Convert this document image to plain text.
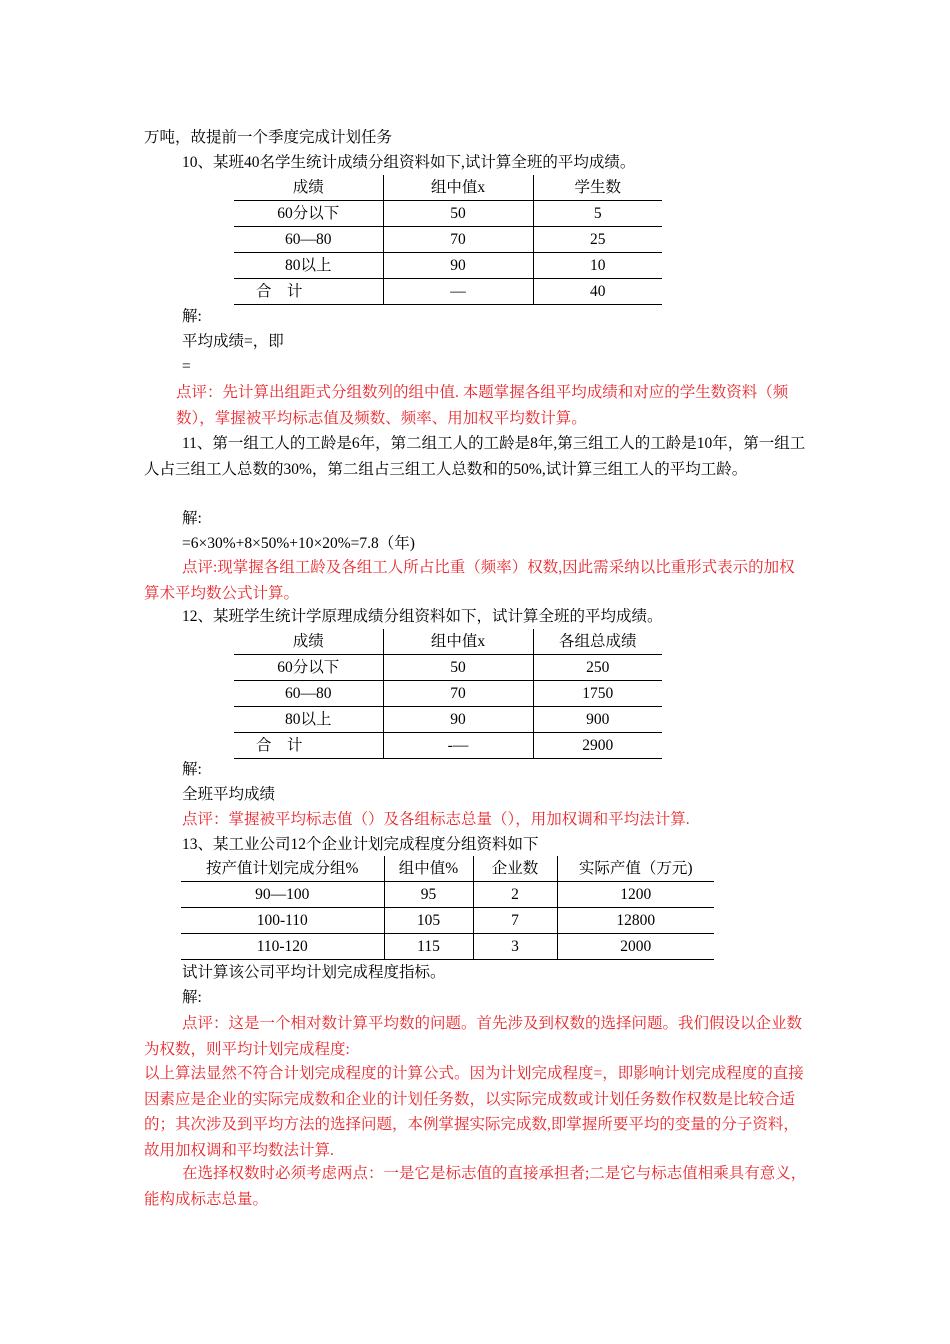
万吨，故提前一个季度完成计划任务

10、某班40名学生统计成绩分组资料如下,试计算全班的平均成绩。

成绩	组中值x	学生数
60分以下	50	5
60—80	70	25
80以上	90	10
合　计	—	40

解:

平均成绩=，即

=

点评：先计算出组距式分组数列的组中值. 本题掌握各组平均成绩和对应的学生数资料（频数），掌握被平均标志值及频数、频率、用加权平均数计算。

11、第一组工人的工龄是6年，第二组工人的工龄是8年,第三组工人的工龄是10年，第一组工人占三组工人总数的30%，第二组占三组工人总数和的50%,试计算三组工人的平均工龄。

解:

=6×30%+8×50%+10×20%=7.8（年)

点评:现掌握各组工龄及各组工人所占比重（频率）权数,因此需采纳以比重形式表示的加权算术平均数公式计算。

12、某班学生统计学原理成绩分组资料如下，试计算全班的平均成绩。

成绩	组中值x	各组总成绩
60分以下	50	250
60—80	70	1750
80以上	90	900
合　计	-—	2900

解:

全班平均成绩

点评：掌握被平均标志值（）及各组标志总量（），用加权调和平均法计算.

13、某工业公司12个企业计划完成程度分组资料如下

按产值计划完成分组%	组中值%	企业数	实际产值（万元)
90—100	95	2	1200
100-110	105	7	12800
110-120	115	3	2000

试计算该公司平均计划完成程度指标。

解:

点评：这是一个相对数计算平均数的问题。首先涉及到权数的选择问题。我们假设以企业数为权数，则平均计划完成程度:

以上算法显然不符合计划完成程度的计算公式。因为计划完成程度=，即影响计划完成程度的直接因素应是企业的实际完成数和企业的计划任务数，以实际完成数或计划任务数作权数是比较合适的；其次涉及到平均方法的选择问题，本例掌握实际完成数,即掌握所要平均的变量的分子资料，故用加权调和平均数法计算.

在选择权数时必须考虑两点：一是它是标志值的直接承担者;二是它与标志值相乘具有意义，能构成标志总量。
